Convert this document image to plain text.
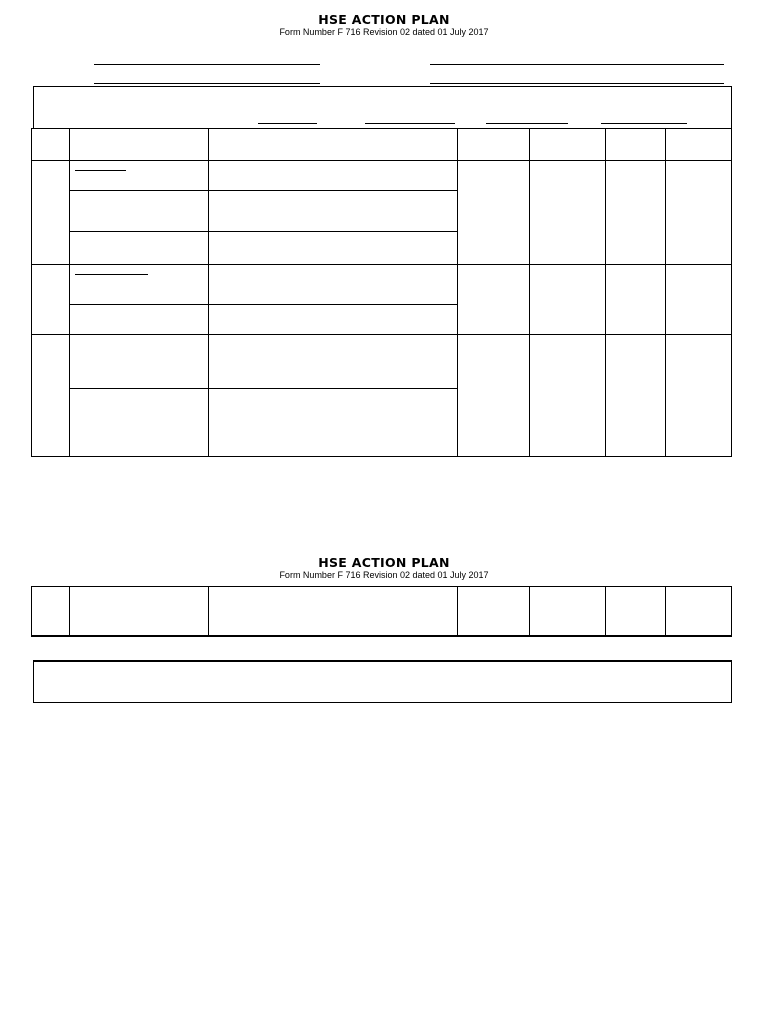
HSE ACTION PLAN
Form Number F 716 Revision 02 dated 01 July 2017
HSE ACTION PLAN
Form Number F 716 Revision 02 dated 01 July 2017
